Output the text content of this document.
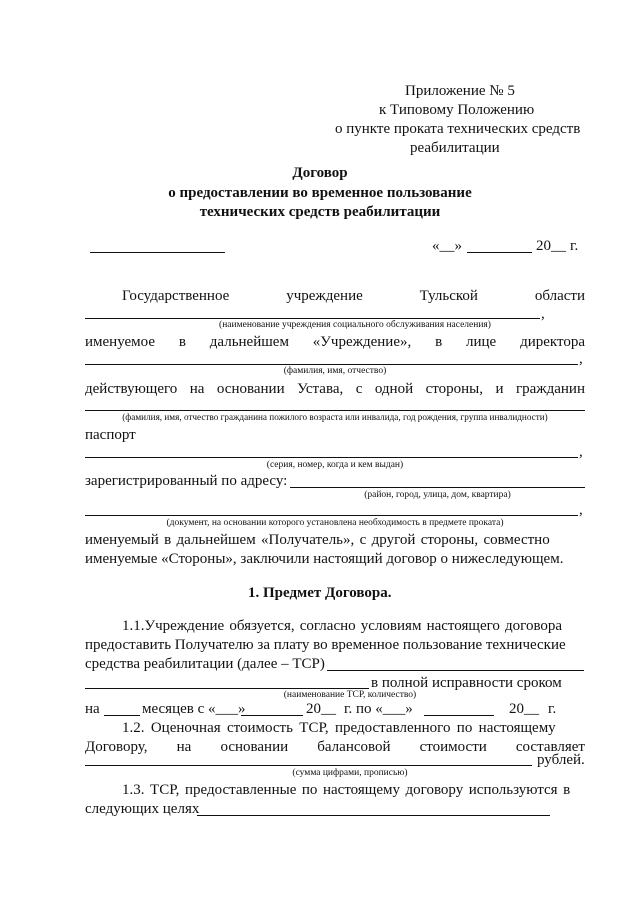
Приложение № 5
к Типовому Положению
о пункте проката технических средств
реабилитации
Договор
о предоставлении во временное пользование
технических средств реабилитации
«__»	20__ г.
Государственное	учреждение	Тульской	области
,
(наименование учреждения социального обслуживания населения)
именуемое в дальнейшем «Учреждение», в лице директора
,
(фамилия, имя, отчество)
действующего на основании Устава, с одной стороны, и гражданин
(фамилия, имя, отчество гражданина пожилого возраста или инвалида, год рождения, группа инвалидности)
паспорт
,
(серия, номер, когда и кем выдан)
зарегистрированный по адресу:
(район, город, улица, дом, квартира)
,
(документ, на основании которого установлена необходимость в предмете проката)
именуемый в дальнейшем «Получатель», с другой стороны, совместно
именуемые «Стороны», заключили настоящий договор о нижеследующем.
1. Предмет Договора.
1.1.Учреждение обязуется, согласно условиям настоящего договора
предоставить Получателю за плату во временное пользование технические
средства реабилитации (далее – ТСР)
в полной исправности сроком
(наименование ТСР, количество)
на	месяцев с «___»	20__ г. по «___»	20__ г.
1.2. Оценочная стоимость ТСР, предоставленного по настоящему
Договору, на основании балансовой стоимости составляет
рублей.
(сумма цифрами, прописью)
1.3. ТСР, предоставленные по настоящему договору используются в
следующих целях
